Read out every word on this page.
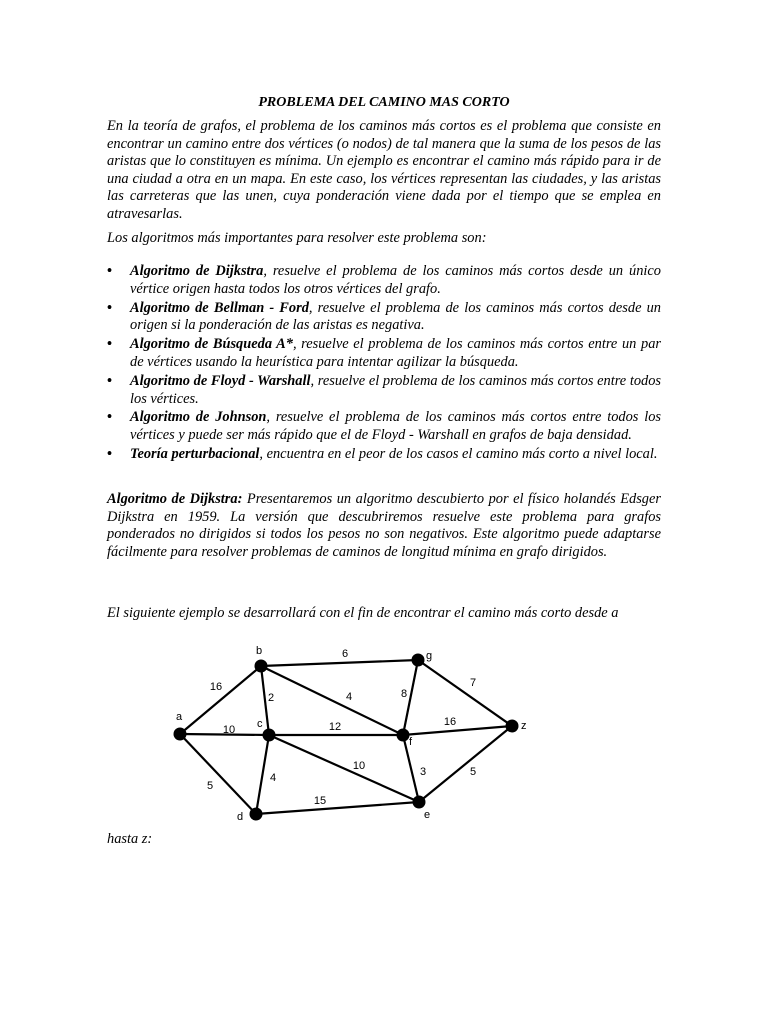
PROBLEMA DEL CAMINO MAS CORTO

En la teoría de grafos, el problema de los caminos más cortos es el problema que consiste en encontrar un camino entre dos vértices (o nodos) de tal manera que la suma de los pesos de las aristas que lo constituyen es mínima. Un ejemplo es encontrar el camino más rápido para ir de una ciudad a otra en un mapa. En este caso, los vértices representan las ciudades, y las aristas las carreteras que las unen, cuya ponderación viene dada por el tiempo que se emplea en atravesarlas.

Los algoritmos más importantes para resolver este problema son:

• Algoritmo de Dijkstra, resuelve el problema de los caminos más cortos desde un único vértice origen hasta todos los otros vértices del grafo.
• Algoritmo de Bellman - Ford, resuelve el problema de los caminos más cortos desde un origen si la ponderación de las aristas es negativa.
• Algoritmo de Búsqueda A*, resuelve el problema de los caminos más cortos entre un par de vértices usando la heurística para intentar agilizar la búsqueda.
• Algoritmo de Floyd - Warshall, resuelve el problema de los caminos más cortos entre todos los vértices.
• Algoritmo de Johnson, resuelve el problema de los caminos más cortos entre todos los vértices y puede ser más rápido que el de Floyd - Warshall en grafos de baja densidad.
• Teoría perturbacional, encuentra en el peor de los casos el camino más corto a nivel local.

Algoritmo de Dijkstra: Presentaremos un algoritmo descubierto por el físico holandés Edsger Dijkstra en 1959. La versión que descubriremos resuelve este problema para grafos ponderados no dirigidos si todos los pesos no son negativos. Este algoritmo puede adaptarse fácilmente para resolver problemas de caminos de longitud mínima en grafo dirigidos.

El siguiente ejemplo se desarrollará con el fin de encontrar el camino más corto desde a

16
10
5
6
2	4
12
4
10
15
8
7
16
3	5
a
b
c
d	e
f
g
z

hasta z:
